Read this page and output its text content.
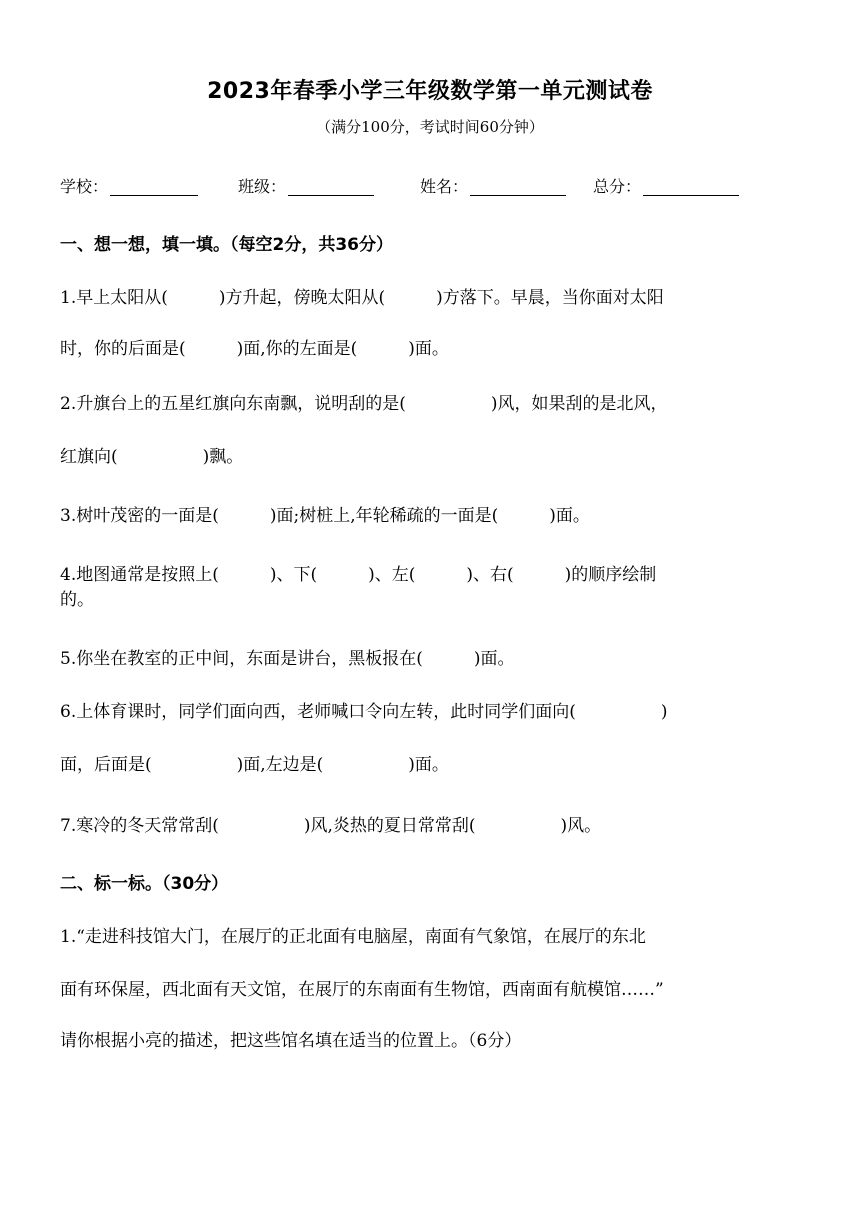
2023年春季小学三年级数学第一单元测试卷
（满分100分，考试时间60分钟）
学校：	班级：	姓名：	总分：
一、想一想，填一填。（每空2分，共36分）
1.早上太阳从(　　　)方升起，傍晚太阳从(　　　)方落下。早晨，当你面对太阳
时，你的后面是(　　　)面,你的左面是(　　　)面。
2.升旗台上的五星红旗向东南飘，说明刮的是(　　　　　)风，如果刮的是北风，
红旗向(　　　　　)飘。
3.树叶茂密的一面是(　　　)面;树桩上,年轮稀疏的一面是(　　　)面。
4.地图通常是按照上(　　　)、下(　　　)、左(　　　)、右(　　　)的顺序绘制
的。
5.你坐在教室的正中间，东面是讲台，黑板报在(　　　)面。
6.上体育课时，同学们面向西，老师喊口令向左转，此时同学们面向(　　　　　)
面，后面是(　　　　　)面,左边是(　　　　　)面。
7.寒冷的冬天常常刮(　　　　　)风,炎热的夏日常常刮(　　　　　)风。
二、标一标。（30分）
1.“走进科技馆大门，在展厅的正北面有电脑屋，南面有气象馆，在展厅的东北
面有环保屋，西北面有天文馆，在展厅的东南面有生物馆，西南面有航模馆……”
请你根据小亮的描述，把这些馆名填在适当的位置上。（6分）
